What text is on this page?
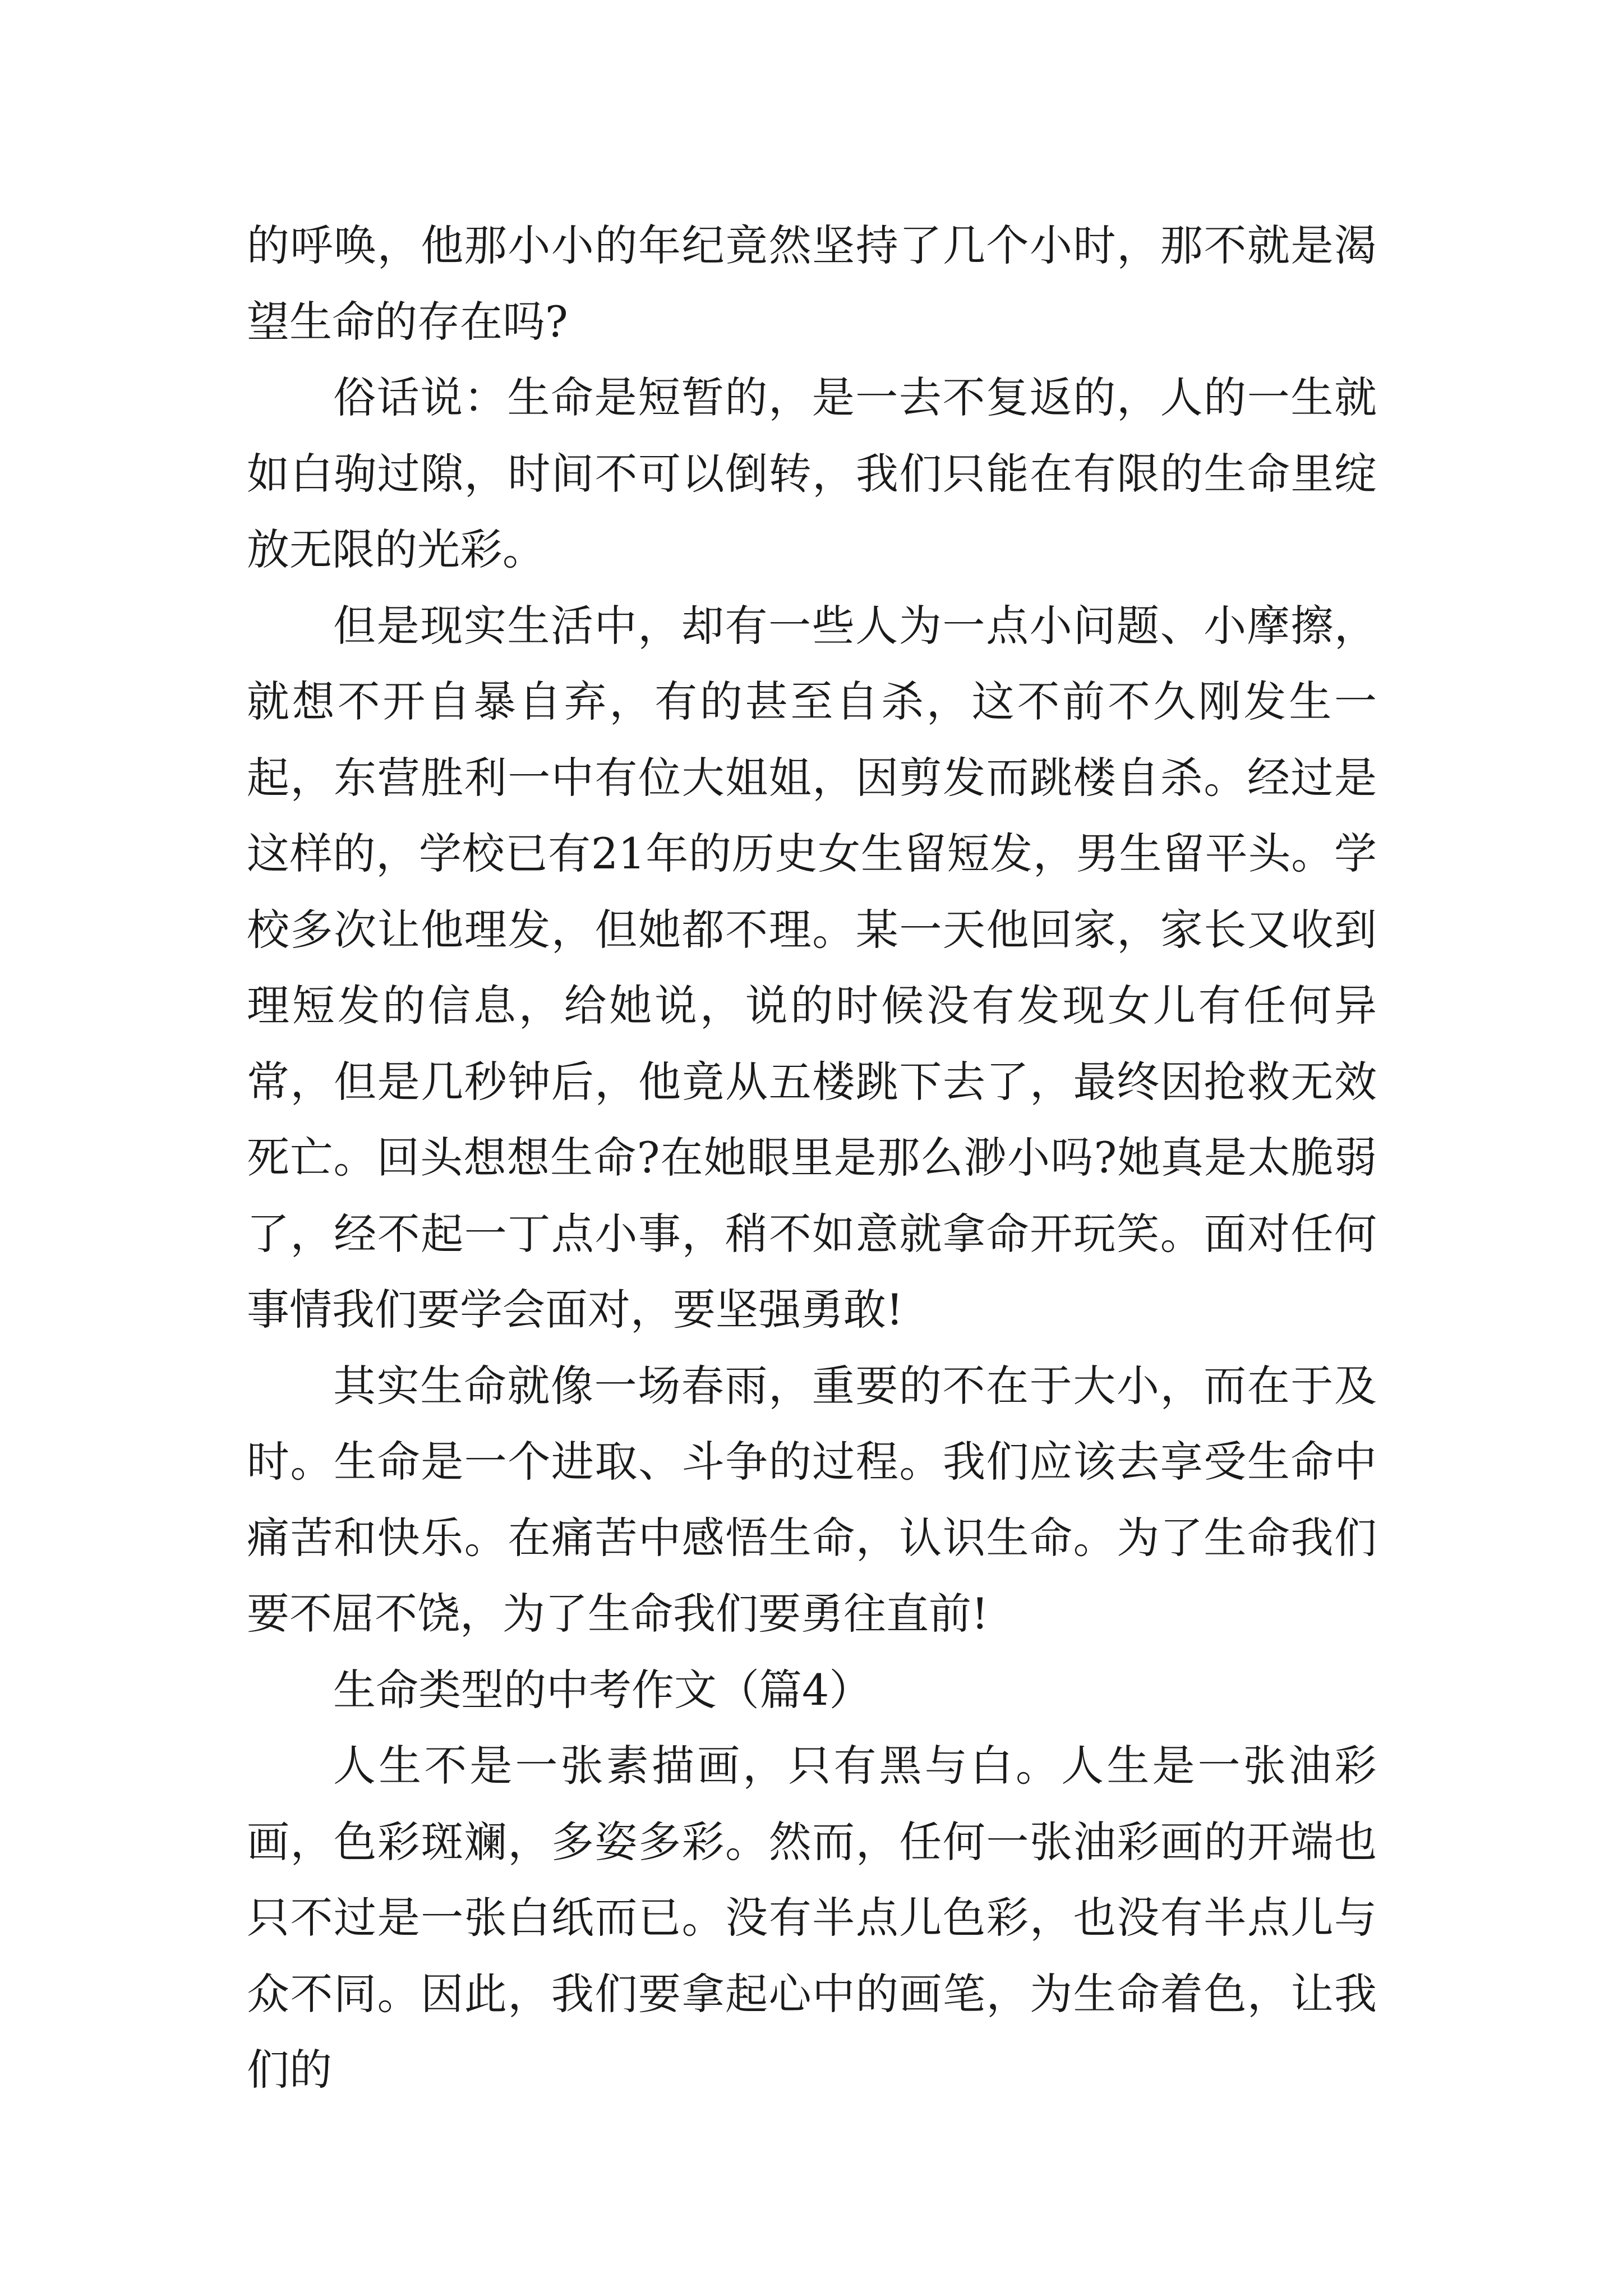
的呼唤，他那小小的年纪竟然坚持了几个小时，那不就是渴望生命的存在吗?

俗话说：生命是短暂的，是一去不复返的，人的一生就如白驹过隙，时间不可以倒转，我们只能在有限的生命里绽放无限的光彩。

但是现实生活中，却有一些人为一点小问题、小摩擦，就想不开自暴自弃，有的甚至自杀，这不前不久刚发生一起，东营胜利一中有位大姐姐，因剪发而跳楼自杀。经过是这样的，学校已有21年的历史女生留短发，男生留平头。学校多次让他理发，但她都不理。某一天他回家，家长又收到理短发的信息，给她说，说的时候没有发现女儿有任何异常，但是几秒钟后，他竟从五楼跳下去了，最终因抢救无效死亡。回头想想生命?在她眼里是那么渺小吗?她真是太脆弱了，经不起一丁点小事，稍不如意就拿命开玩笑。面对任何事情我们要学会面对，要坚强勇敢!

其实生命就像一场春雨，重要的不在于大小，而在于及时。生命是一个进取、斗争的过程。我们应该去享受生命中痛苦和快乐。在痛苦中感悟生命，认识生命。为了生命我们要不屈不饶，为了生命我们要勇往直前!

生命类型的中考作文（篇4）

人生不是一张素描画，只有黑与白。人生是一张油彩画，色彩斑斓，多姿多彩。然而，任何一张油彩画的开端也只不过是一张白纸而已。没有半点儿色彩，也没有半点儿与众不同。因此，我们要拿起心中的画笔，为生命着色，让我们的
